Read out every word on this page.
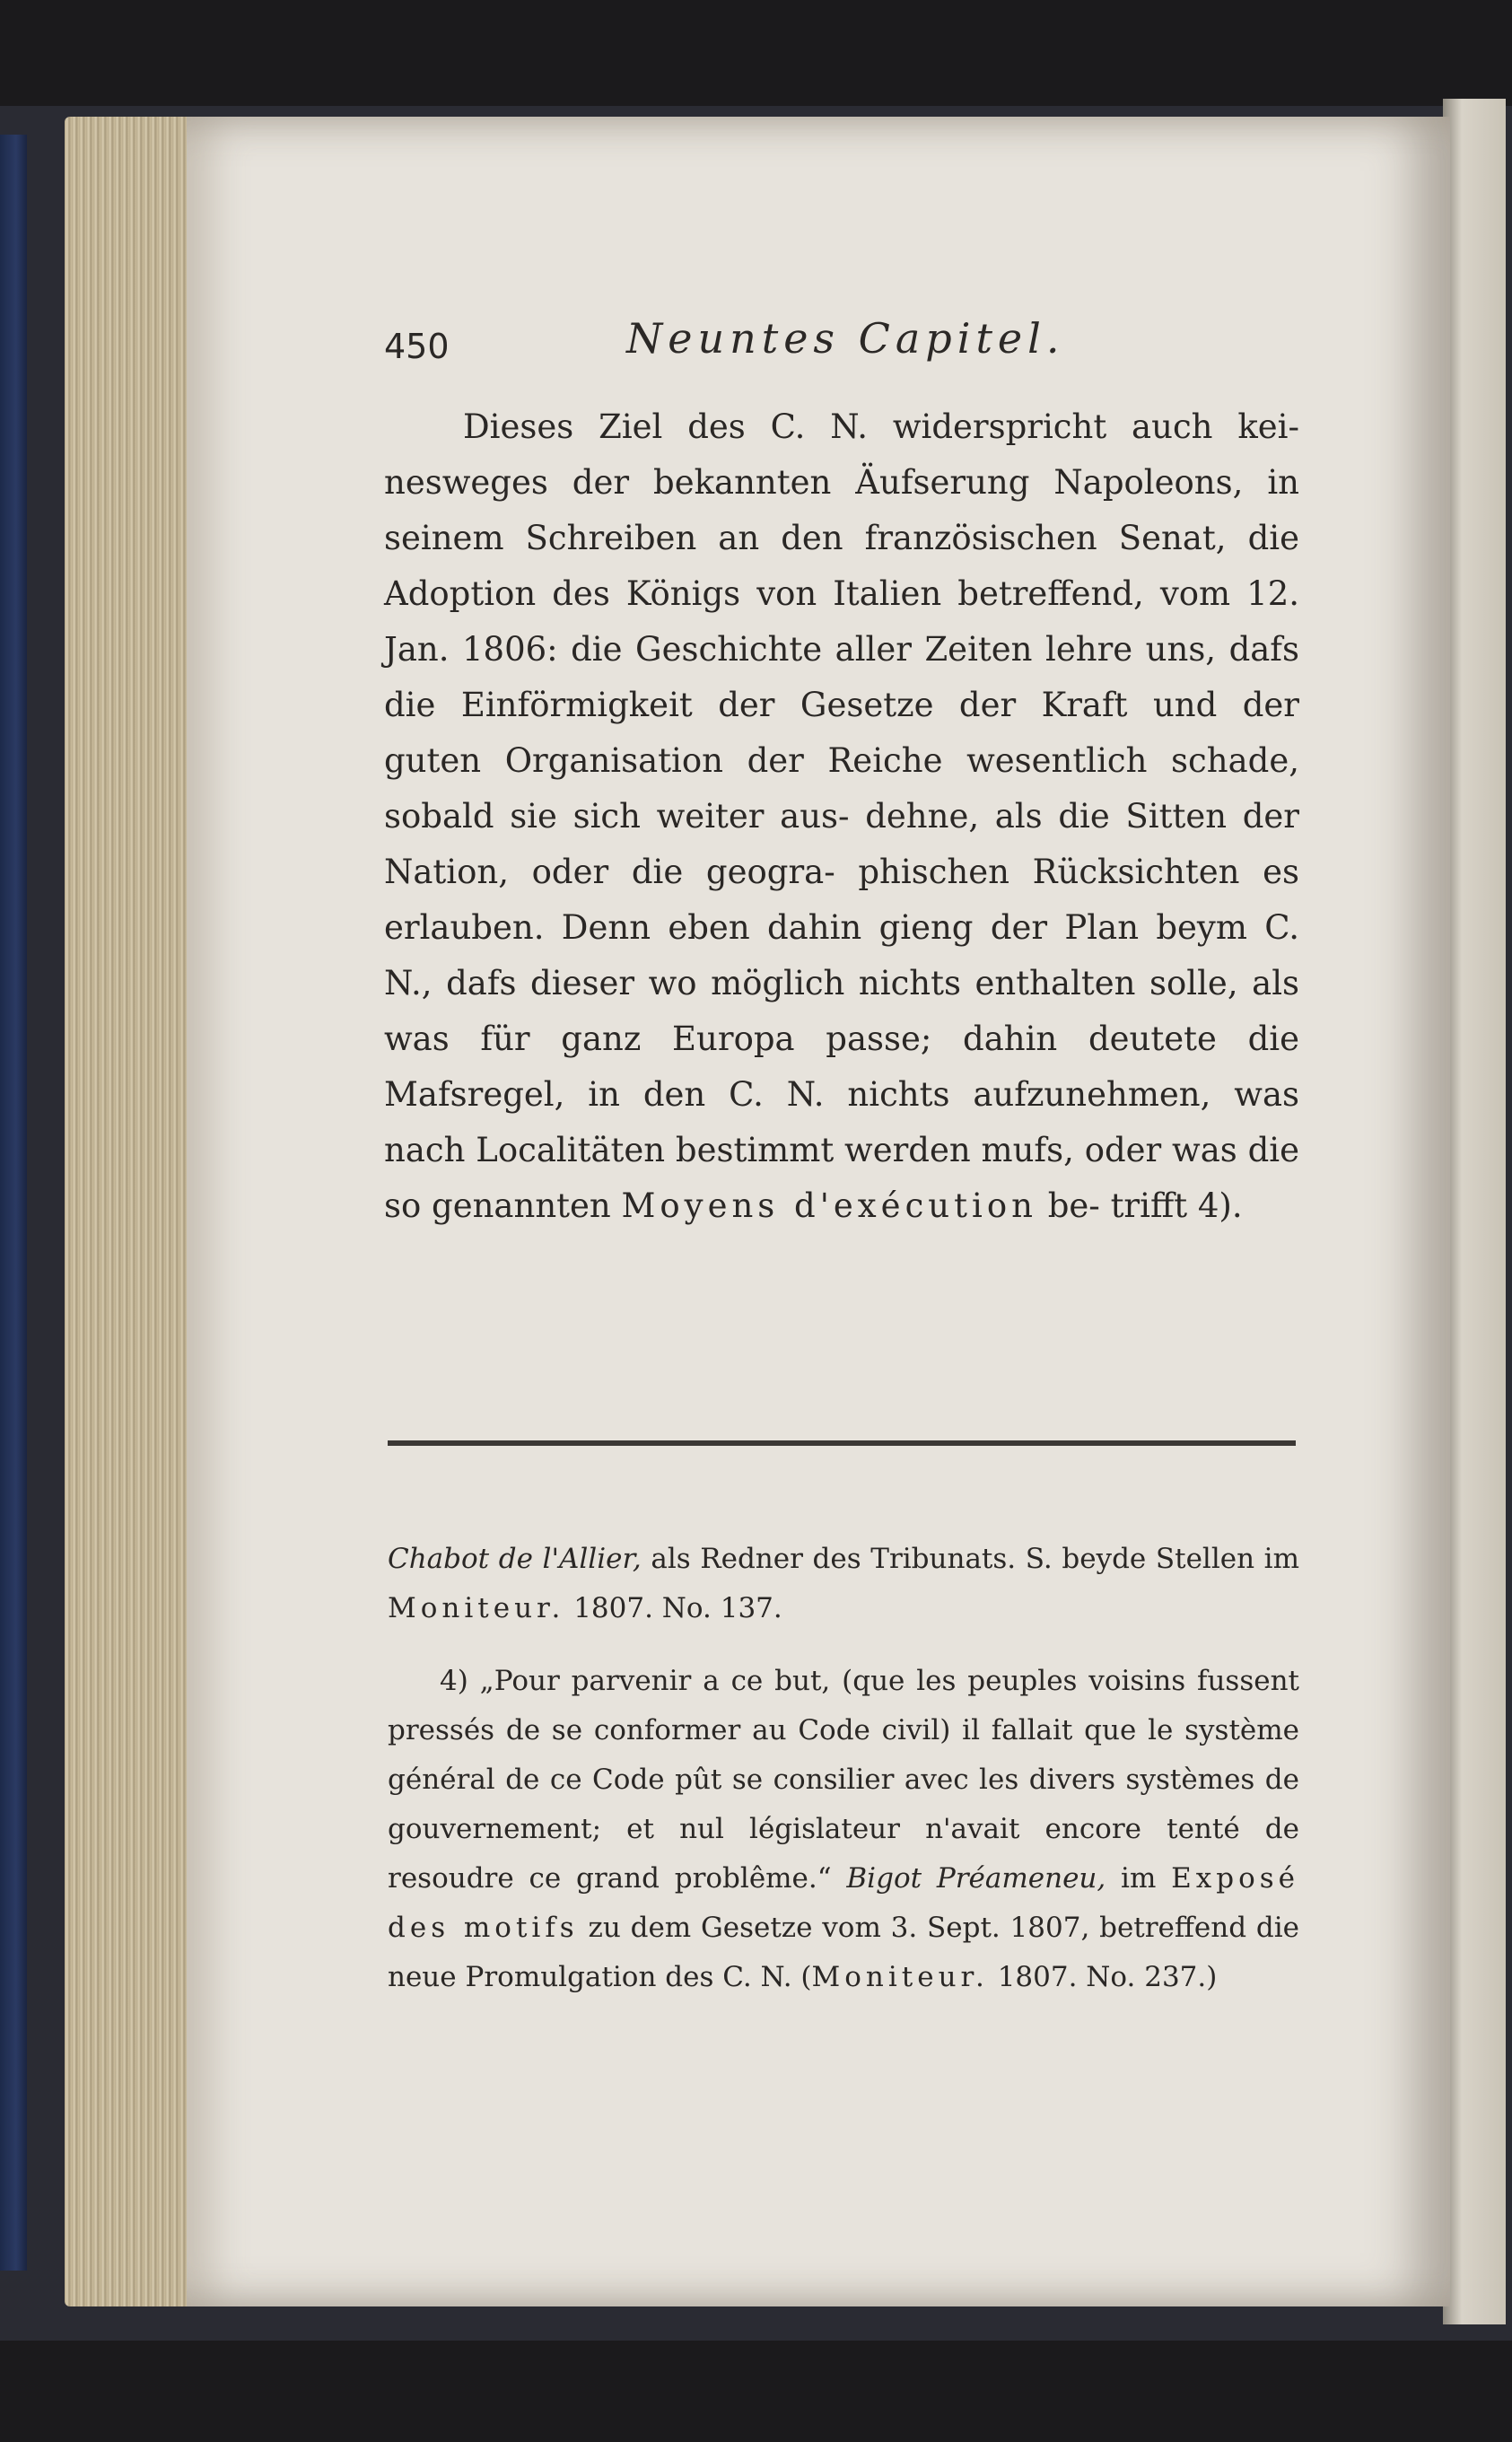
450	Neuntes Capitel.

Dieses Ziel des C. N. widerspricht auch kei- nesweges der bekannten Äufserung Napoleons, in seinem Schreiben an den französischen Senat, die Adoption des Königs von Italien betreffend, vom 12. Jan. 1806: die Geschichte aller Zeiten lehre uns, dafs die Einförmigkeit der Gesetze der Kraft und der guten Organisation der Reiche wesentlich schade, sobald sie sich weiter aus- dehne, als die Sitten der Nation, oder die geogra- phischen Rücksichten es erlauben. Denn eben dahin gieng der Plan beym C. N., dafs dieser wo möglich nichts enthalten solle, als was für ganz Europa passe; dahin deutete die Mafsregel, in den C. N. nichts aufzunehmen, was nach Localitäten bestimmt werden mufs, oder was die so genannten Moyens d'exécution be- trifft 4).

Chabot de l'Allier, als Redner des Tribunats. S. beyde Stellen im Moniteur. 1807. No. 137.

4) „Pour parvenir a ce but, (que les peuples voisins fussent pressés de se conformer au Code civil) il fallait que le système général de ce Code pût se consilier avec les divers systèmes de gouvernement; et nul législateur n'avait encore tenté de resoudre ce grand problême.“ Bigot Préameneu, im Exposé des motifs zu dem Gesetze vom 3. Sept. 1807, betreffend die neue Promulgation des C. N. (Moniteur. 1807. No. 237.)
